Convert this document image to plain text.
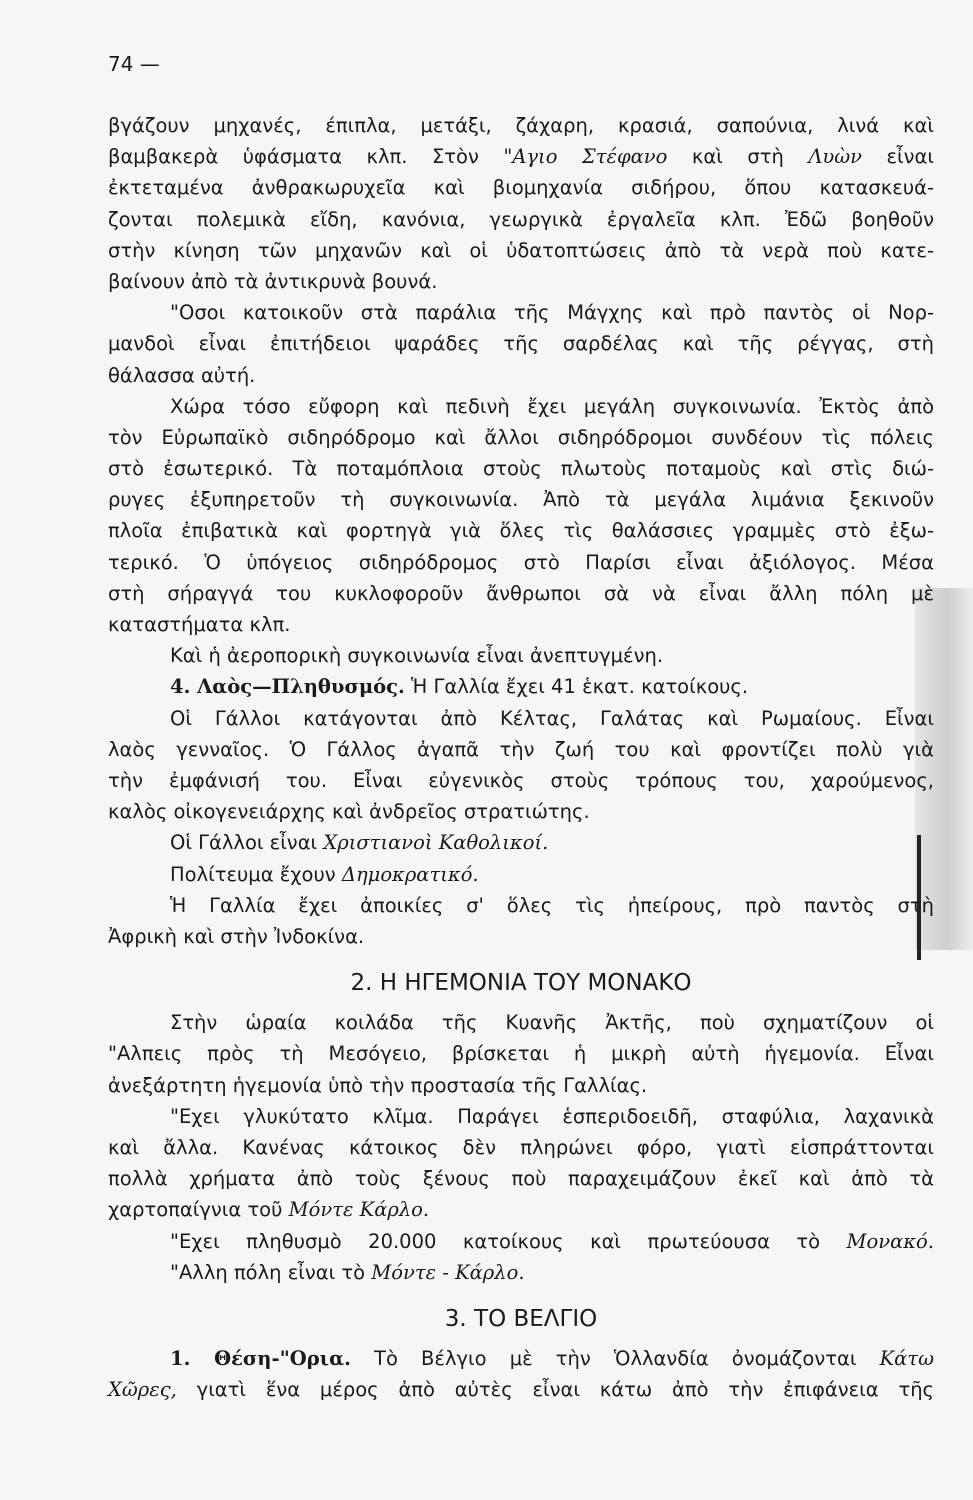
74 —
βγάζουν μηχανές, έπιπλα, μετάξι, ζάχαρη, κρασιά, σαπούνια, λινά καὶ
βαμβακερὰ ὑφάσματα κλπ. Στὸν "Αγιο Στέφανο καὶ στὴ Λυὼν εἶναι
ἐκτεταμένα ἀνθρακωρυχεῖα καὶ βιομηχανία σιδήρου, ὅπου κατασκευά-
ζονται πολεμικὰ εἴδη, κανόνια, γεωργικὰ ἐργαλεῖα κλπ. Ἐδῶ βοηθοῦν
στὴν κίνηση τῶν μηχανῶν καὶ οἱ ὑδατοπτώσεις ἀπὸ τὰ νερὰ ποὺ κατε-
βαίνουν ἀπὸ τὰ ἀντικρυνὰ βουνά.
"Οσοι κατοικοῦν στὰ παράλια τῆς Μάγχης καὶ πρὸ παντὸς οἱ Νορ-
μανδοὶ εἶναι ἐπιτήδειοι ψαράδες τῆς σαρδέλας καὶ τῆς ρέγγας, στὴ
θάλασσα αὐτή.
Χώρα τόσο εὔφορη καὶ πεδινὴ ἔχει μεγάλη συγκοινωνία. Ἐκτὸς ἀπὸ
τὸν Εὐρωπαϊκὸ σιδηρόδρομο καὶ ἄλλοι σιδηρόδρομοι συνδέουν τὶς πόλεις
στὸ ἐσωτερικό. Τὰ ποταμόπλοια στοὺς πλωτοὺς ποταμοὺς καὶ στὶς διώ-
ρυγες ἐξυπηρετοῦν τὴ συγκοινωνία. Ἀπὸ τὰ μεγάλα λιμάνια ξεκινοῦν
πλοῖα ἐπιβατικὰ καὶ φορτηγὰ γιὰ ὅλες τὶς θαλάσσιες γραμμὲς στὸ ἐξω-
τερικό. Ὁ ὑπόγειος σιδηρόδρομος στὸ Παρίσι εἶναι ἀξιόλογος. Μέσα
στὴ σήραγγά του κυκλοφοροῦν ἄνθρωποι σὰ νὰ εἶναι ἄλλη πόλη μὲ
καταστήματα κλπ.
Καὶ ἡ ἀεροπορικὴ συγκοινωνία εἶναι ἀνεπτυγμένη.
4. Λαὸς—Πληθυσμός. Ἡ Γαλλία ἔχει 41 ἑκατ. κατοίκους.
Οἱ Γάλλοι κατάγονται ἀπὸ Κέλτας, Γαλάτας καὶ Ρωμαίους. Εἶναι
λαὸς γενναῖος. Ὁ Γάλλος ἀγαπᾶ τὴν ζωή του καὶ φροντίζει πολὺ γιὰ
τὴν ἐμφάνισή του. Εἶναι εὐγενικὸς στοὺς τρόπους του, χαρούμενος,
καλὸς οἰκογενειάρχης καὶ ἀνδρεῖος στρατιώτης.
Οἱ Γάλλοι εἶναι Χριστιανοὶ Καθολικοί.
Πολίτευμα ἔχουν Δημοκρατικό.
Ἡ Γαλλία ἔχει ἀποικίες σ' ὅλες τὶς ἠπείρους, πρὸ παντὸς στὴ
Ἀφρικὴ καὶ στὴν Ἰνδοκίνα.
2. Η ΗΓΕΜΟΝΙΑ ΤΟΥ ΜΟΝΑΚΟ
Στὴν ὡραία κοιλάδα τῆς Κυανῆς Ἀκτῆς, ποὺ σχηματίζουν οἱ
"Αλπεις πρὸς τὴ Μεσόγειο, βρίσκεται ἡ μικρὴ αὐτὴ ἡγεμονία. Εἶναι
ἀνεξάρτητη ἡγεμονία ὑπὸ τὴν προστασία τῆς Γαλλίας.
"Εχει γλυκύτατο κλῖμα. Παράγει ἑσπεριδοειδῆ, σταφύλια, λαχανικὰ
καὶ ἄλλα. Κανένας κάτοικος δὲν πληρώνει φόρο, γιατὶ εἰσπράττονται
πολλὰ χρήματα ἀπὸ τοὺς ξένους ποὺ παραχειμάζουν ἐκεῖ καὶ ἀπὸ τὰ
χαρτοπαίγνια τοῦ Μόντε Κάρλο.
"Εχει πληθυσμὸ 20.000 κατοίκους καὶ πρωτεύουσα τὸ Μονακό.
"Αλλη πόλη εἶναι τὸ Μόντε - Κάρλο.
3. ΤΟ ΒΕΛΓΙΟ
1. Θέση-"Ορια. Τὸ Βέλγιο μὲ τὴν Ὁλλανδία ὀνομάζονται Κάτω
Χῶρες, γιατὶ ἕνα μέρος ἀπὸ αὐτὲς εἶναι κάτω ἀπὸ τὴν ἐπιφάνεια τῆς
